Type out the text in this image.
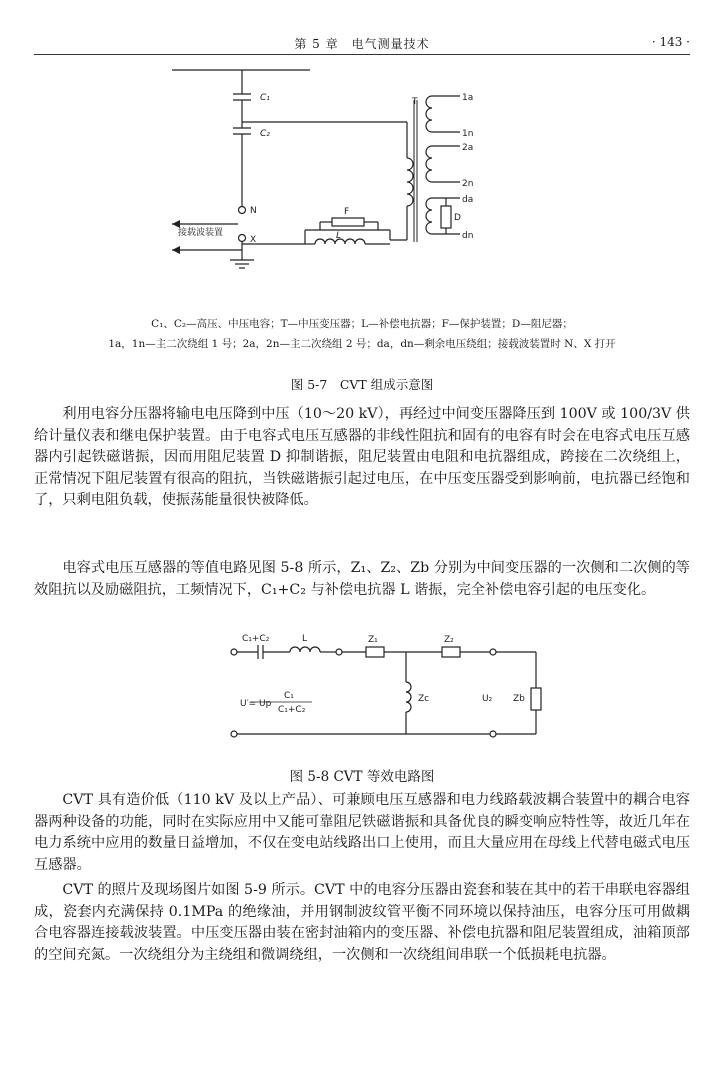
第 5 章　电气测量技术	· 143 ·
C₁
C₂
T	1a
1n
2a
2n
da
dn
D
F
L
N
X
接载波装置
C₁、C₂—高压、中压电容；T—中压变压器；L—补偿电抗器；F—保护装置；D—阻尼器；
1a，1n—主二次绕组 1 号；2a，2n—主二次绕组 2 号；da，dn—剩余电压绕组；接载波装置时 N、X 打开
图 5-7　CVT 组成示意图

利用电容分压器将输电电压降到中压（10～20 kV），再经过中间变压器降压到 100V 或 100/3V 供给计量仪表和继电保护装置。由于电容式电压互感器的非线性阻抗和固有的电容有时会在电容式电压互感器内引起铁磁谐振，因而用阻尼装置 D 抑制谐振，阻尼装置由电阻和电抗器组成，跨接在二次绕组上，正常情况下阻尼装置有很高的阻抗，当铁磁谐振引起过电压，在中压变压器受到影响前，电抗器已经饱和了，只剩电阻负载，使振荡能量很快被降低。

电容式电压互感器的等值电路见图 5-8 所示，Z₁、Z₂、Zb 分别为中间变压器的一次侧和二次侧的等效阻抗以及励磁阻抗，工频情况下，C₁+C₂ 与补偿电抗器 L 谐振，完全补偿电容引起的电压变化。

C₁+C₂	L	Z₁	Z₂
Zc	U₂ Zb
U′= Up
C₁
C₁+C₂
图 5-8 CVT 等效电路图

CVT 具有造价低（110 kV 及以上产品）、可兼顾电压互感器和电力线路载波耦合装置中的耦合电容器两种设备的功能，同时在实际应用中又能可靠阻尼铁磁谐振和具备优良的瞬变响应特性等，故近几年在电力系统中应用的数量日益增加，不仅在变电站线路出口上使用，而且大量应用在母线上代替电磁式电压互感器。

CVT 的照片及现场图片如图 5-9 所示。CVT 中的电容分压器由瓷套和装在其中的若干串联电容器组成，瓷套内充满保持 0.1MPa 的绝缘油，并用钢制波纹管平衡不同环境以保持油压，电容分压可用做耦合电容器连接载波装置。中压变压器由装在密封油箱内的变压器、补偿电抗器和阻尼装置组成，油箱顶部的空间充氮。一次绕组分为主绕组和微调绕组，一次侧和一次绕组间串联一个低损耗电抗器。
